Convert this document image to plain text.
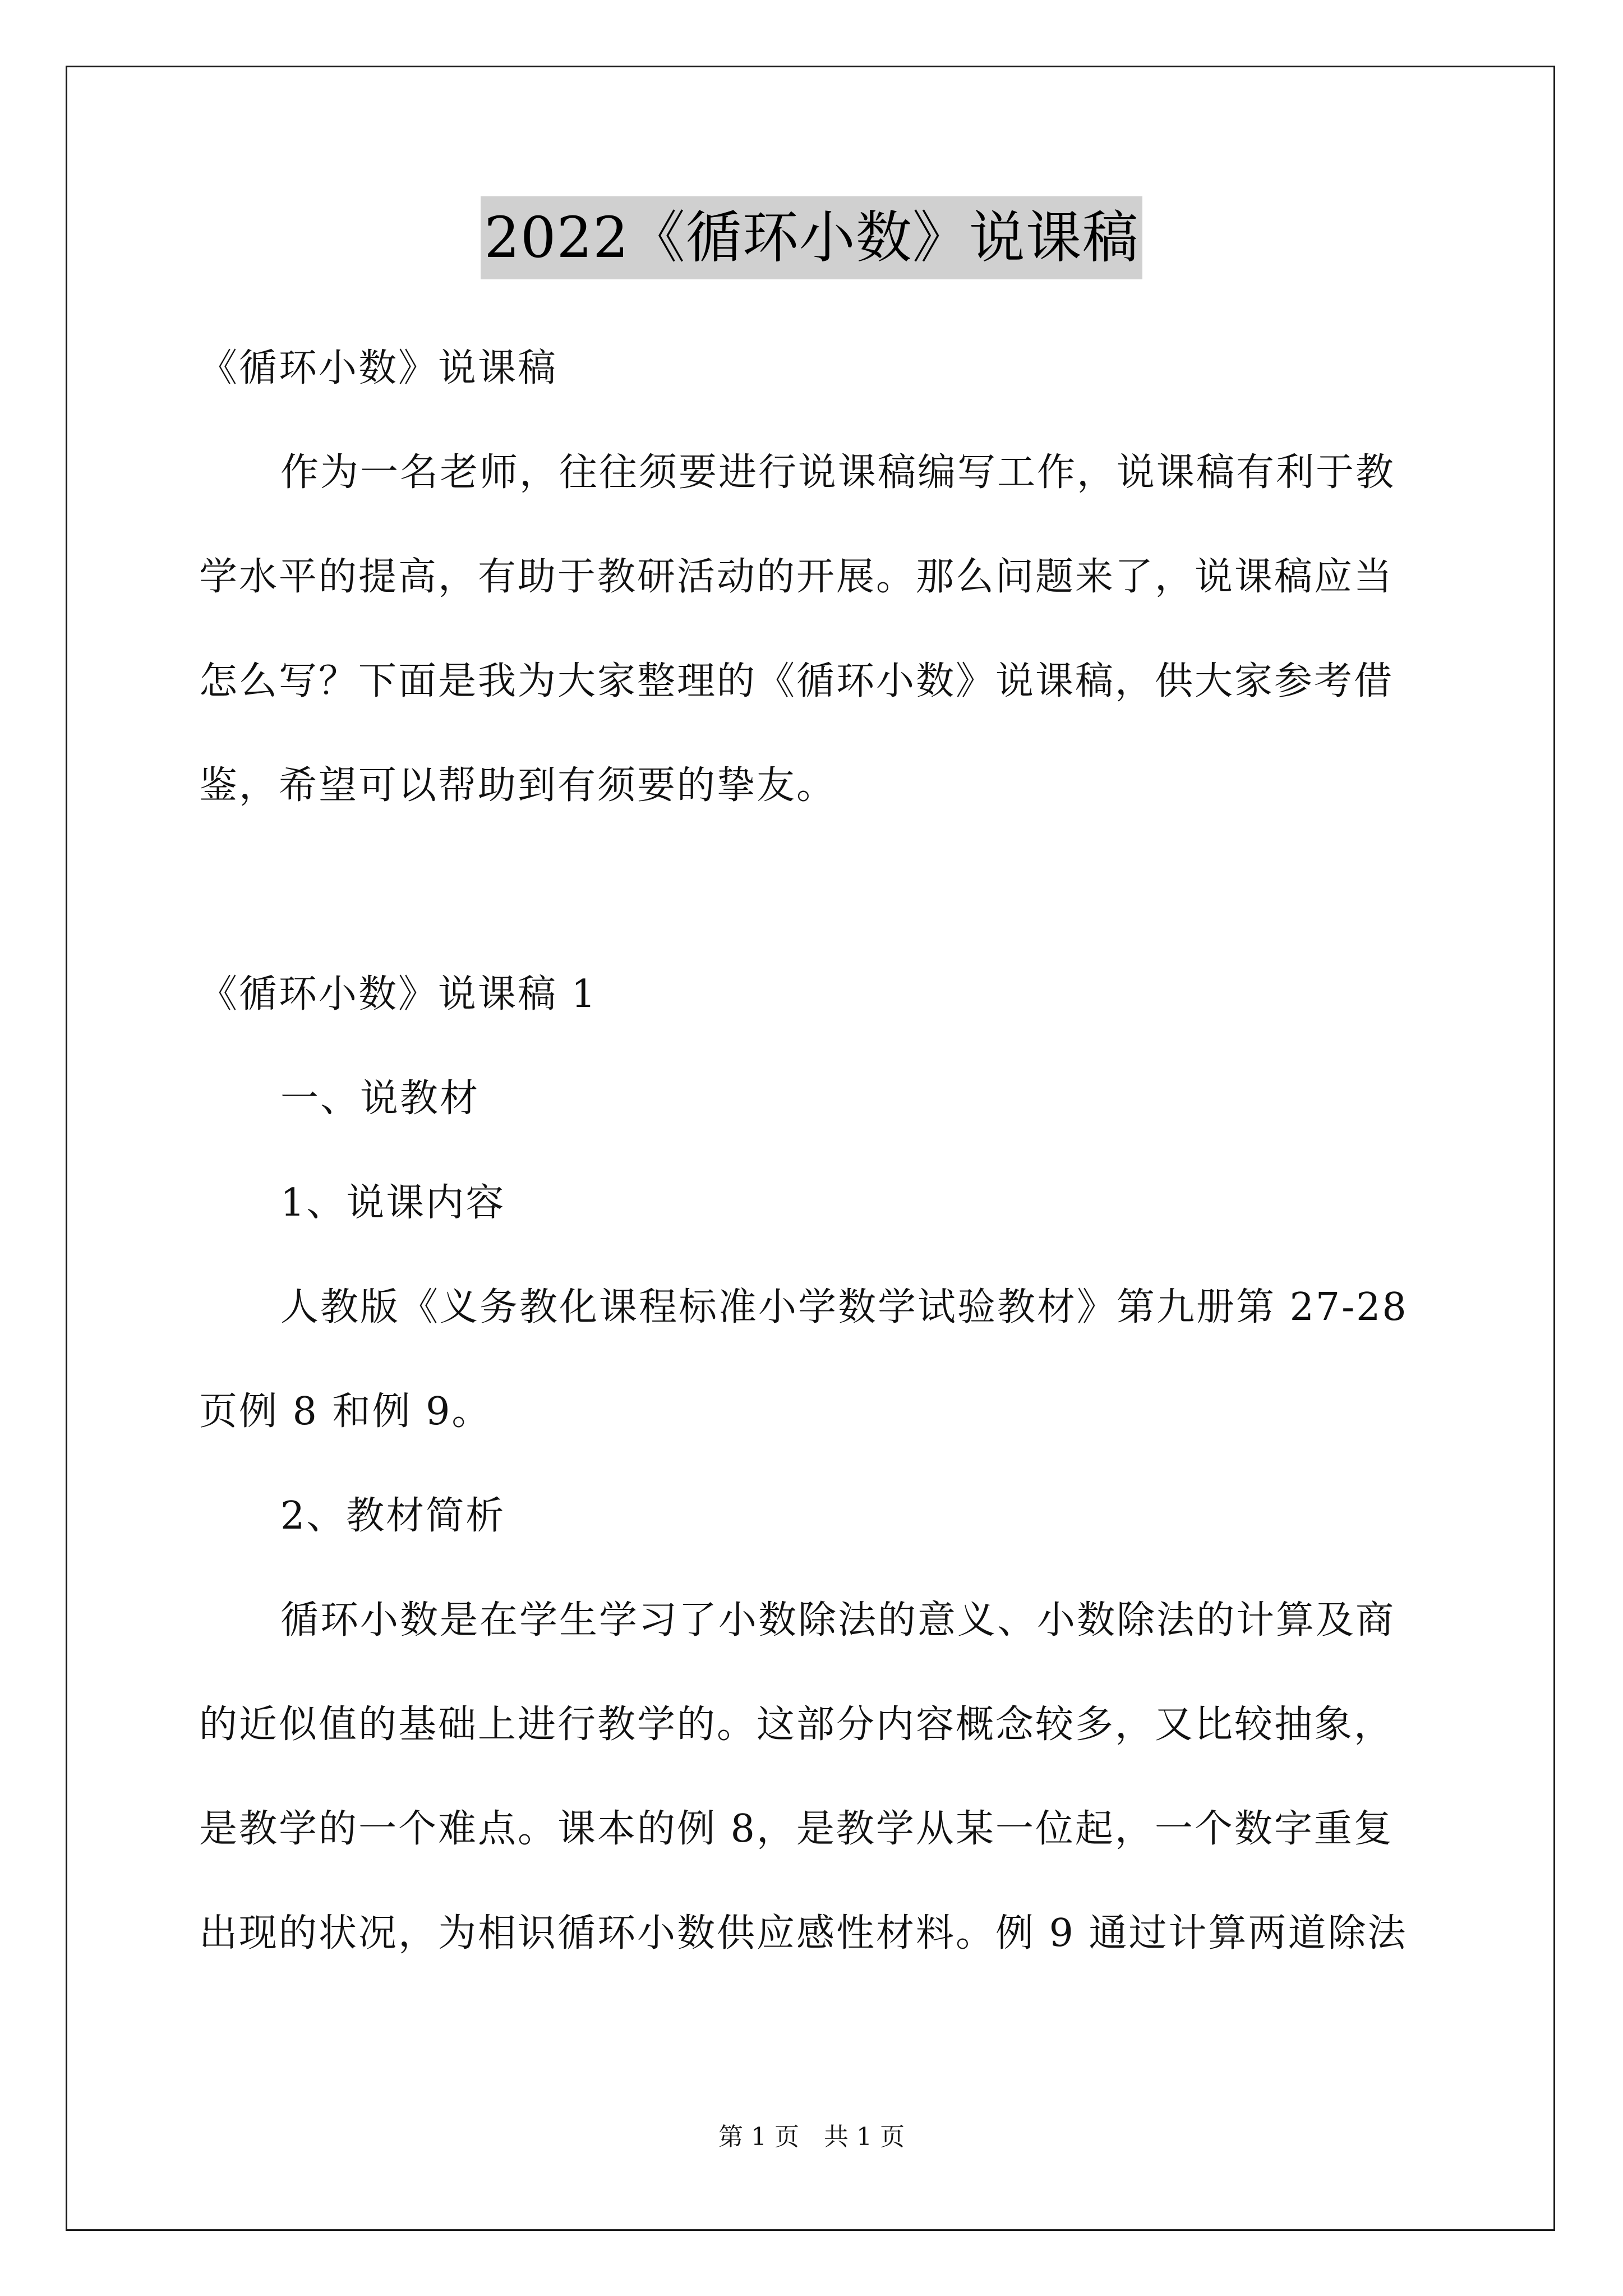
2022《循环小数》说课稿
《循环小数》说课稿
作为一名老师，往往须要进行说课稿编写工作，说课稿有利于教
学水平的提高，有助于教研活动的开展。那么问题来了，说课稿应当
怎么写？下面是我为大家整理的《循环小数》说课稿，供大家参考借
鉴，希望可以帮助到有须要的挚友。
《循环小数》说课稿 1
一、说教材
1、说课内容
人教版《义务教化课程标准小学数学试验教材》第九册第 27-28
页例 8 和例 9。
2、教材简析
循环小数是在学生学习了小数除法的意义、小数除法的计算及商
的近似值的基础上进行教学的。这部分内容概念较多，又比较抽象，
是教学的一个难点。课本的例 8，是教学从某一位起，一个数字重复
出现的状况，为相识循环小数供应感性材料。例 9 通过计算两道除法
第 1 页　共 1 页
